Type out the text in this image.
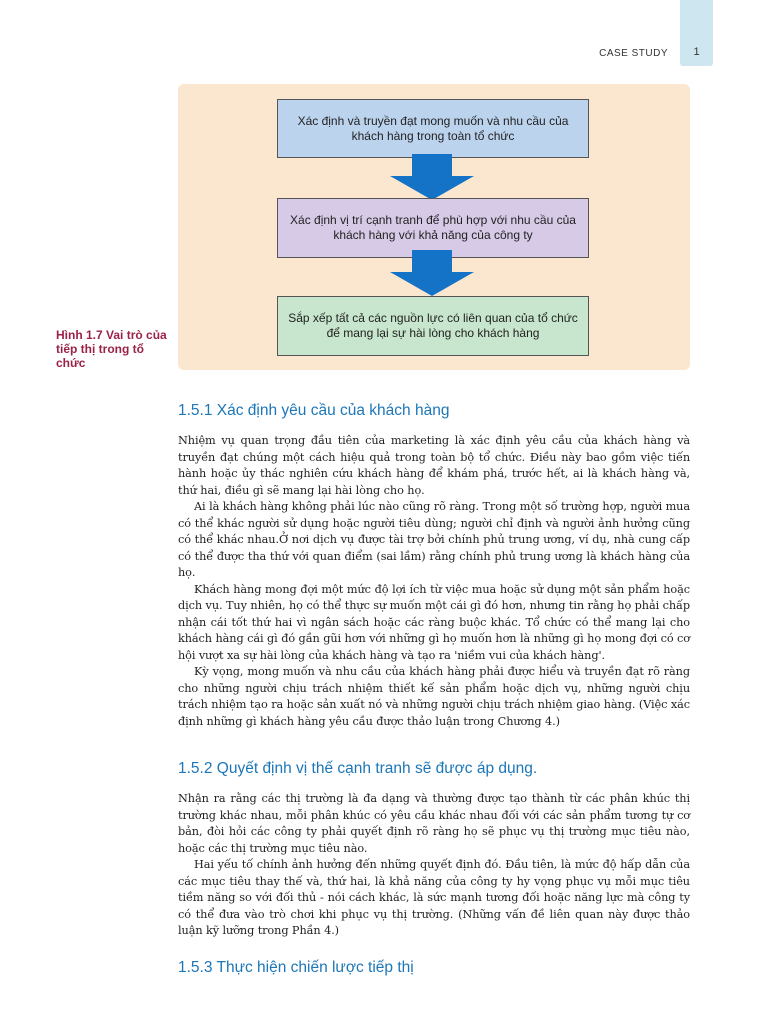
CASE STUDY 1
Xác định và truyền đạt mong muốn và nhu cầu của khách hàng trong toàn tổ chức
Xác định vị trí cạnh tranh để phù hợp với nhu cầu của khách hàng với khả năng của công ty
Sắp xếp tất cả các nguồn lực có liên quan của tổ chức để mang lại sự hài lòng cho khách hàng
Hình 1.7 Vai trò của tiếp thị trong tổ chức
1.5.1 Xác định yêu cầu của khách hàng

Nhiệm vụ quan trọng đầu tiên của marketing là xác định yêu cầu của khách hàng và truyền đạt chúng một cách hiệu quả trong toàn bộ tổ chức. Điều này bao gồm việc tiến hành hoặc ủy thác nghiên cứu khách hàng để khám phá, trước hết, ai là khách hàng và, thứ hai, điều gì sẽ mang lại hài lòng cho họ.

Ai là khách hàng không phải lúc nào cũng rõ ràng. Trong một số trường hợp, người mua có thể khác người sử dụng hoặc người tiêu dùng; người chỉ định và người ảnh hưởng cũng có thể khác nhau.Ở nơi dịch vụ được tài trợ bởi chính phủ trung ương, ví dụ, nhà cung cấp có thể được tha thứ với quan điểm (sai lầm) rằng chính phủ trung ương là khách hàng của họ.

Khách hàng mong đợi một mức độ lợi ích từ việc mua hoặc sử dụng một sản phẩm hoặc dịch vụ. Tuy nhiên, họ có thể thực sự muốn một cái gì đó hơn, nhưng tin rằng họ phải chấp nhận cái tốt thứ hai vì ngân sách hoặc các ràng buộc khác. Tổ chức có thể mang lại cho khách hàng cái gì đó gần gũi hơn với những gì họ muốn hơn là những gì họ mong đợi có cơ hội vượt xa sự hài lòng của khách hàng và tạo ra 'niềm vui của khách hàng'.

Kỳ vọng, mong muốn và nhu cầu của khách hàng phải được hiểu và truyền đạt rõ ràng cho những người chịu trách nhiệm thiết kế sản phẩm hoặc dịch vụ, những người chịu trách nhiệm tạo ra hoặc sản xuất nó và những người chịu trách nhiệm giao hàng. (Việc xác định những gì khách hàng yêu cầu được thảo luận trong Chương 4.)

1.5.2 Quyết định vị thế cạnh tranh sẽ được áp dụng.

Nhận ra rằng các thị trường là đa dạng và thường được tạo thành từ các phân khúc thị trường khác nhau, mỗi phân khúc có yêu cầu khác nhau đối với các sản phẩm tương tự cơ bản, đòi hỏi các công ty phải quyết định rõ ràng họ sẽ phục vụ thị trường mục tiêu nào, hoặc các thị trường mục tiêu nào.

Hai yếu tố chính ảnh hưởng đến những quyết định đó. Đầu tiên, là mức độ hấp dẫn của các mục tiêu thay thế và, thứ hai, là khả năng của công ty hy vọng phục vụ mỗi mục tiêu tiềm năng so với đối thủ - nói cách khác, là sức mạnh tương đối hoặc năng lực mà công ty có thể đưa vào trò chơi khi phục vụ thị trường. (Những vấn đề liên quan này được thảo luận kỹ lưỡng trong Phần 4.)

1.5.3 Thực hiện chiến lược tiếp thị
